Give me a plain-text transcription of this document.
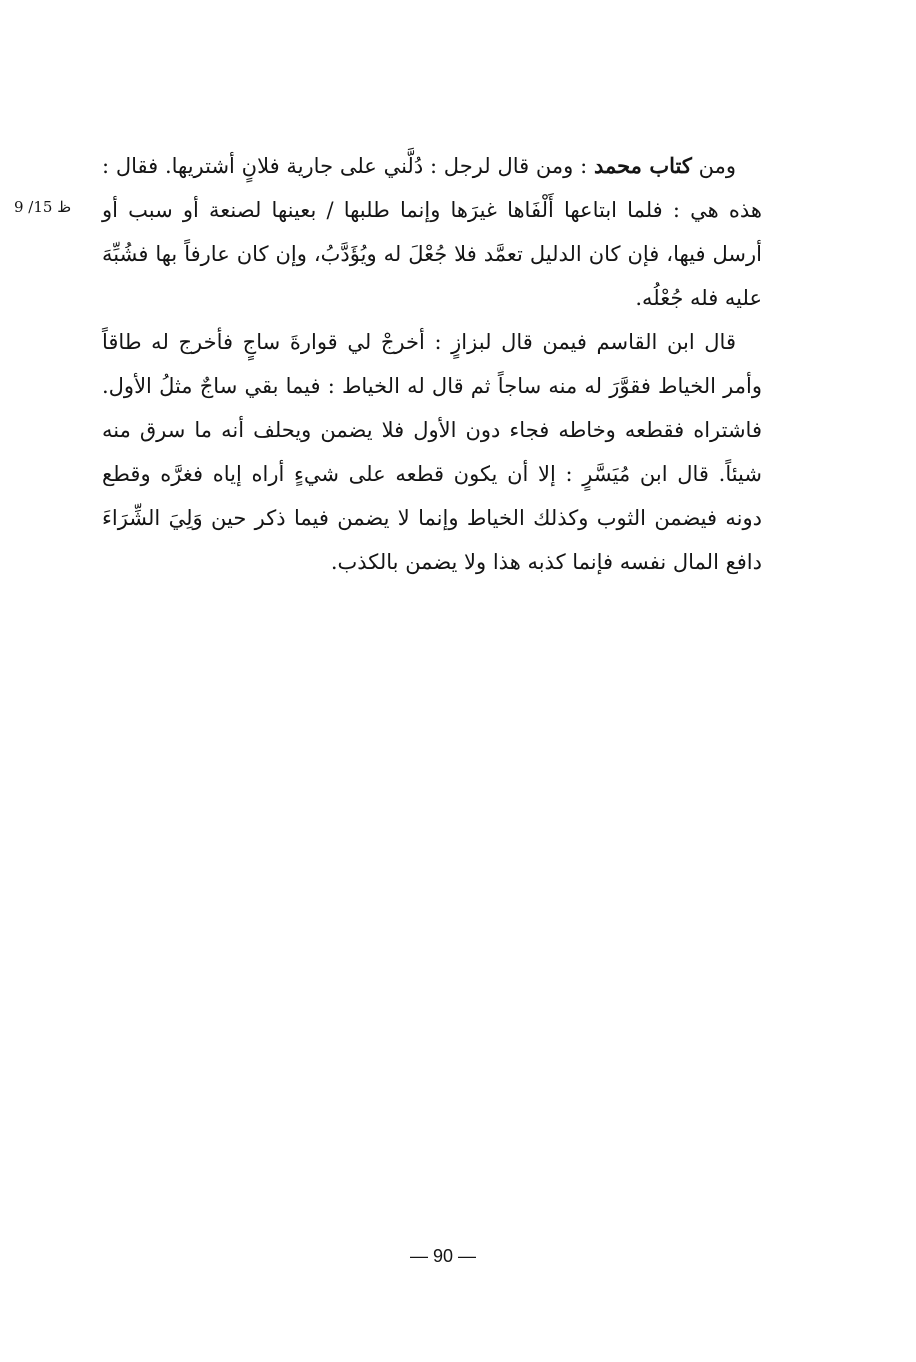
9 /15 ظ

ومن كتاب محمد : ومن قال لرجل : دُلَّني على جارية فلانٍ أشتريها. فقال : هذه هي : فلما ابتاعها أَلْفَاها غيرَها وإنما طلبها / بعينها لصنعة أو سبب أو أرسل فيها، فإن كان الدليل تعمَّد فلا جُعْلَ له ويُؤَدَّبُ، وإن كان عارفاً بها فشُبِّهَ عليه فله جُعْلُه.

قال ابن القاسم فيمن قال لبزازٍ : أخرجْ لي قوارةَ ساجٍ فأخرج له طاقاً وأمر الخياط فقوَّرَ له منه ساجاً ثم قال له الخياط : فيما بقي ساجٌ مثلُ الأول. فاشتراه فقطعه وخاطه فجاء دون الأول فلا يضمن ويحلف أنه ما سرق منه شيئاً. قال ابن مُيَسَّرٍ : إلا أن يكون قطعه على شيءٍ أراه إياه فغرَّه وقطع دونه فيضمن الثوب وكذلك الخياط وإنما لا يضمن فيما ذكر حين وَلِيَ الشِّرَاءَ دافع المال نفسه فإنما كذبه هذا ولا يضمن بالكذب.

— 90 —
